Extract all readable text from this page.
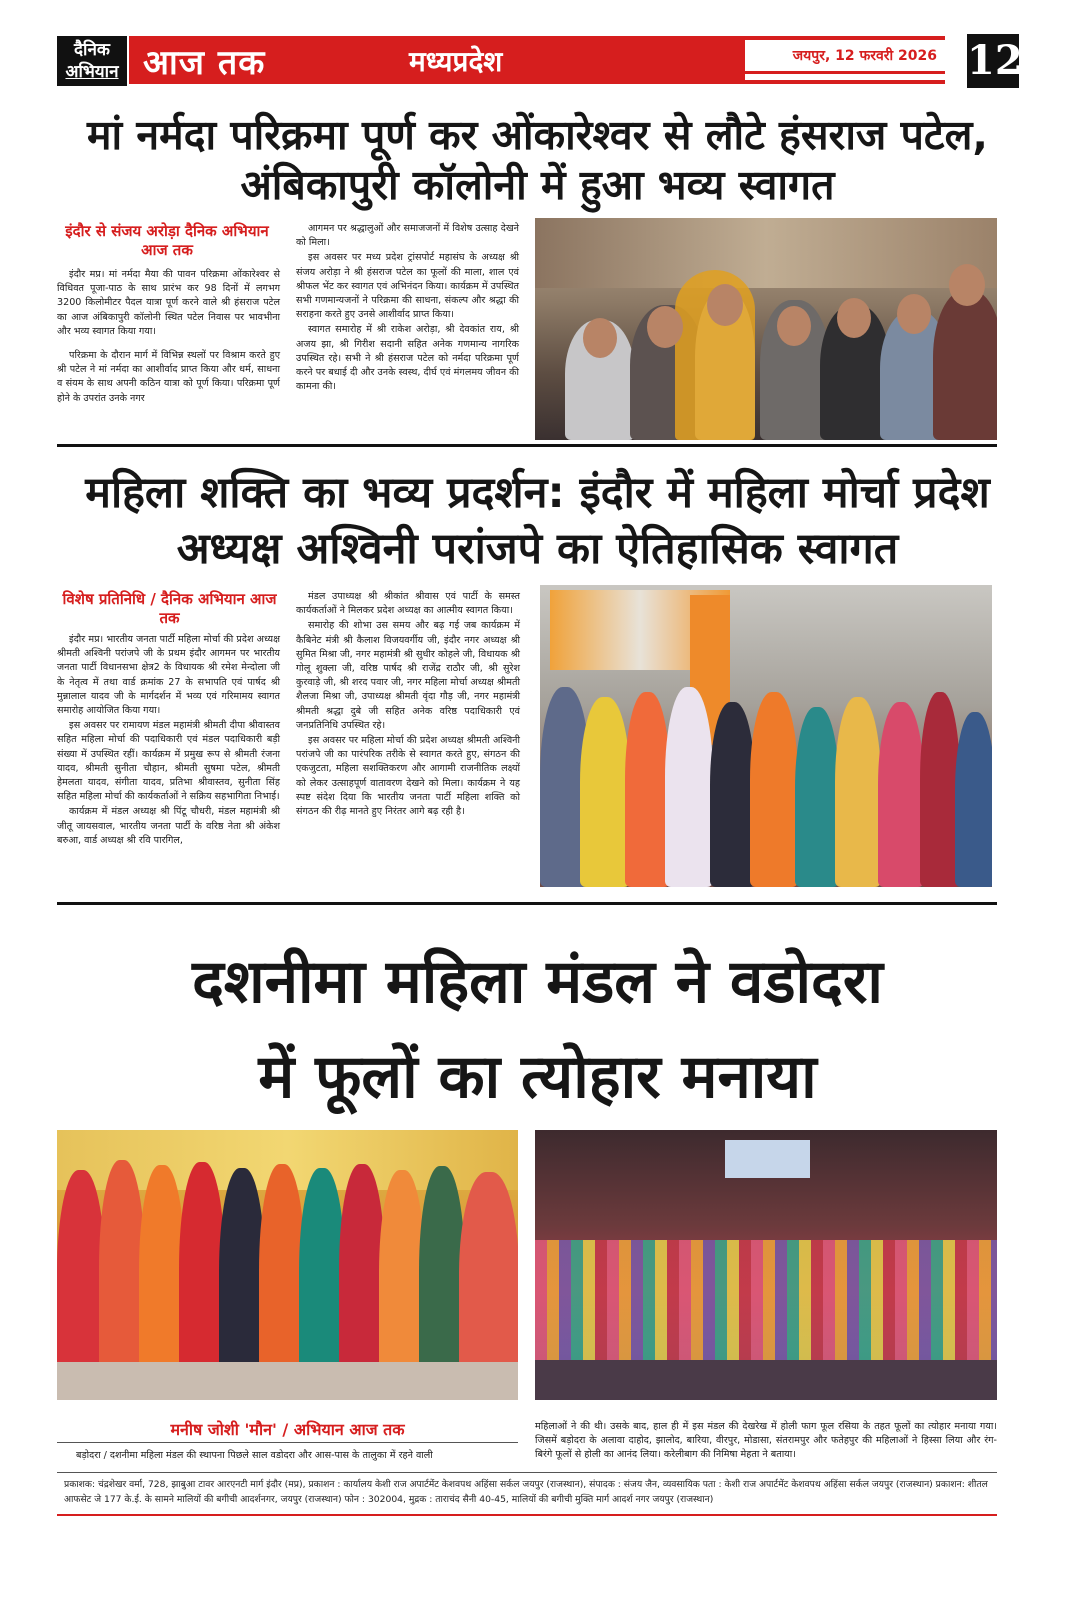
दैनिक
अभियान आज तक	मध्यप्रदेश	जयपुर, 12 फरवरी 2026 12
मां नर्मदा परिक्रमा पूर्ण कर ओंकारेश्वर से लौटे हंसराज पटेल, अंबिकापुरी कॉलोनी में हुआ भव्य स्वागत
इंदौर से संजय अरोड़ा दैनिक अभियान आज तक

इंदौर मप्र। मां नर्मदा मैया की पावन परिक्रमा ओंकारेश्वर से विधिवत पूजा-पाठ के साथ प्रारंभ कर 98 दिनों में लगभग 3200 किलोमीटर पैदल यात्रा पूर्ण करने वाले श्री हंसराज पटेल का आज अंबिकापुरी कॉलोनी स्थित पटेल निवास पर भावभीना और भव्य स्वागत किया गया।

परिक्रमा के दौरान मार्ग में विभिन्न स्थलों पर विश्राम करते हुए श्री पटेल ने मां नर्मदा का आशीर्वाद प्राप्त किया और धर्म, साधना व संयम के साथ अपनी कठिन यात्रा को पूर्ण किया। परिक्रमा पूर्ण होने के उपरांत उनके नगर

आगमन पर श्रद्धालुओं और समाजजनों में विशेष उत्साह देखने को मिला।

इस अवसर पर मध्य प्रदेश ट्रांसपोर्ट महासंघ के अध्यक्ष श्री संजय अरोड़ा ने श्री हंसराज पटेल का फूलों की माला, शाल एवं श्रीफल भेंट कर स्वागत एवं अभिनंदन किया। कार्यक्रम में उपस्थित सभी गणमान्यजनों ने परिक्रमा की साधना, संकल्प और श्रद्धा की सराहना करते हुए उनसे आशीर्वाद प्राप्त किया।

स्वागत समारोह में श्री राकेश अरोड़ा, श्री देवकांत राय, श्री अजय झा, श्री गिरीश सदानी सहित अनेक गणमान्य नागरिक उपस्थित रहे। सभी ने श्री हंसराज पटेल को नर्मदा परिक्रमा पूर्ण करने पर बधाई दी और उनके स्वस्थ, दीर्घ एवं मंगलमय जीवन की कामना की।

महिला शक्ति का भव्य प्रदर्शन: इंदौर में महिला मोर्चा प्रदेश अध्यक्ष अश्विनी परांजपे का ऐतिहासिक स्वागत
विशेष प्रतिनिधि / दैनिक अभियान आज तक

इंदौर मप्र। भारतीय जनता पार्टी महिला मोर्चा की प्रदेश अध्यक्ष श्रीमती अश्विनी परांजपे जी के प्रथम इंदौर आगमन पर भारतीय जनता पार्टी विधानसभा क्षेत्र2 के विधायक श्री रमेश मेन्दोला जी के नेतृत्व में तथा वार्ड क्रमांक 27 के सभापति एवं पार्षद श्री मुन्नालाल यादव जी के मार्गदर्शन में भव्य एवं गरिमामय स्वागत समारोह आयोजित किया गया।

इस अवसर पर रामायण मंडल महामंत्री श्रीमती दीपा श्रीवास्तव सहित महिला मोर्चा की पदाधिकारी एवं मंडल पदाधिकारी बड़ी संख्या में उपस्थित रहीं। कार्यक्रम में प्रमुख रूप से श्रीमती रंजना यादव, श्रीमती सुनीता चौहान, श्रीमती सुषमा पटेल, श्रीमती हेमलता यादव, संगीता यादव, प्रतिभा श्रीवास्तव, सुनीता सिंह सहित महिला मोर्चा की कार्यकर्ताओं ने सक्रिय सहभागिता निभाई।

कार्यक्रम में मंडल अध्यक्ष श्री पिंटू चौधरी, मंडल महामंत्री श्री जीतू जायसवाल, भारतीय जनता पार्टी के वरिष्ठ नेता श्री अंकेश बरुआ, वार्ड अध्यक्ष श्री रवि पारगिल,

मंडल उपाध्यक्ष श्री श्रीकांत श्रीवास एवं पार्टी के समस्त कार्यकर्ताओं ने मिलकर प्रदेश अध्यक्ष का आत्मीय स्वागत किया।

समारोह की शोभा उस समय और बढ़ गई जब कार्यक्रम में कैबिनेट मंत्री श्री कैलाश विजयवर्गीय जी, इंदौर नगर अध्यक्ष श्री सुमित मिश्रा जी, नगर महामंत्री श्री सुधीर कोहले जी, विधायक श्री गोलू शुक्ला जी, वरिष्ठ पार्षद श्री राजेंद्र राठौर जी, श्री सुरेश कुरवाड़े जी, श्री शरद पवार जी, नगर महिला मोर्चा अध्यक्ष श्रीमती शैलजा मिश्रा जी, उपाध्यक्ष श्रीमती वृंदा गौड़ जी, नगर महामंत्री श्रीमती श्रद्धा दुबे जी सहित अनेक वरिष्ठ पदाधिकारी एवं जनप्रतिनिधि उपस्थित रहे।

इस अवसर पर महिला मोर्चा की प्रदेश अध्यक्ष श्रीमती अश्विनी परांजपे जी का पारंपरिक तरीके से स्वागत करते हुए, संगठन की एकजुटता, महिला सशक्तिकरण और आगामी राजनीतिक लक्ष्यों को लेकर उत्साहपूर्ण वातावरण देखने को मिला। कार्यक्रम ने यह स्पष्ट संदेश दिया कि भारतीय जनता पार्टी महिला शक्ति को संगठन की रीढ़ मानते हुए निरंतर आगे बढ़ रही है।

दशनीमा महिला मंडल ने वडोदरा
में फूलों का त्योहार मनाया
मनीष जोशी 'मौन' / अभियान आज तक

बड़ोदरा / दशनीमा महिला मंडल की स्थापना पिछले साल वडोदरा और आस-पास के तालुका में रहने वाली

महिलाओं ने की थी। उसके बाद, हाल ही में इस मंडल की देखरेख में होली फाग फूल रसिया के तहत फूलों का त्योहार मनाया गया। जिसमें बड़ोदरा के अलावा दाहोद, झालोद, बारिया, वीरपुर, मोडासा, संतरामपुर और फतेहपुर की महिलाओं ने हिस्सा लिया और रंग-बिरंगे फूलों से होली का आनंद लिया। करेलीबाग की निमिषा मेहता ने बताया।

प्रकाशक: चंद्रशेखर वर्मा, 728, झाबुआ टावर आरएनटी मार्ग इंदौर (मप्र), प्रकाशन : कार्यालय केशी राज अपार्टमेंट केशवपथ अहिंसा सर्कल जयपुर (राजस्थान), संपादक : संजय जैन, व्यवसायिक पता : केशी राज अपार्टमेंट केशवपथ अहिंसा सर्कल जयपुर (राजस्थान) प्रकाशन: शीतल आफसेट जे 177 के.ई. के सामने मालियों की बगीची आदर्शनगर, जयपुर (राजस्थान) फोन : 302004, मुद्रक : ताराचंद सैनी 40-45, मालियों की बगीची मुक्ति मार्ग आदर्श नगर जयपुर (राजस्थान)
